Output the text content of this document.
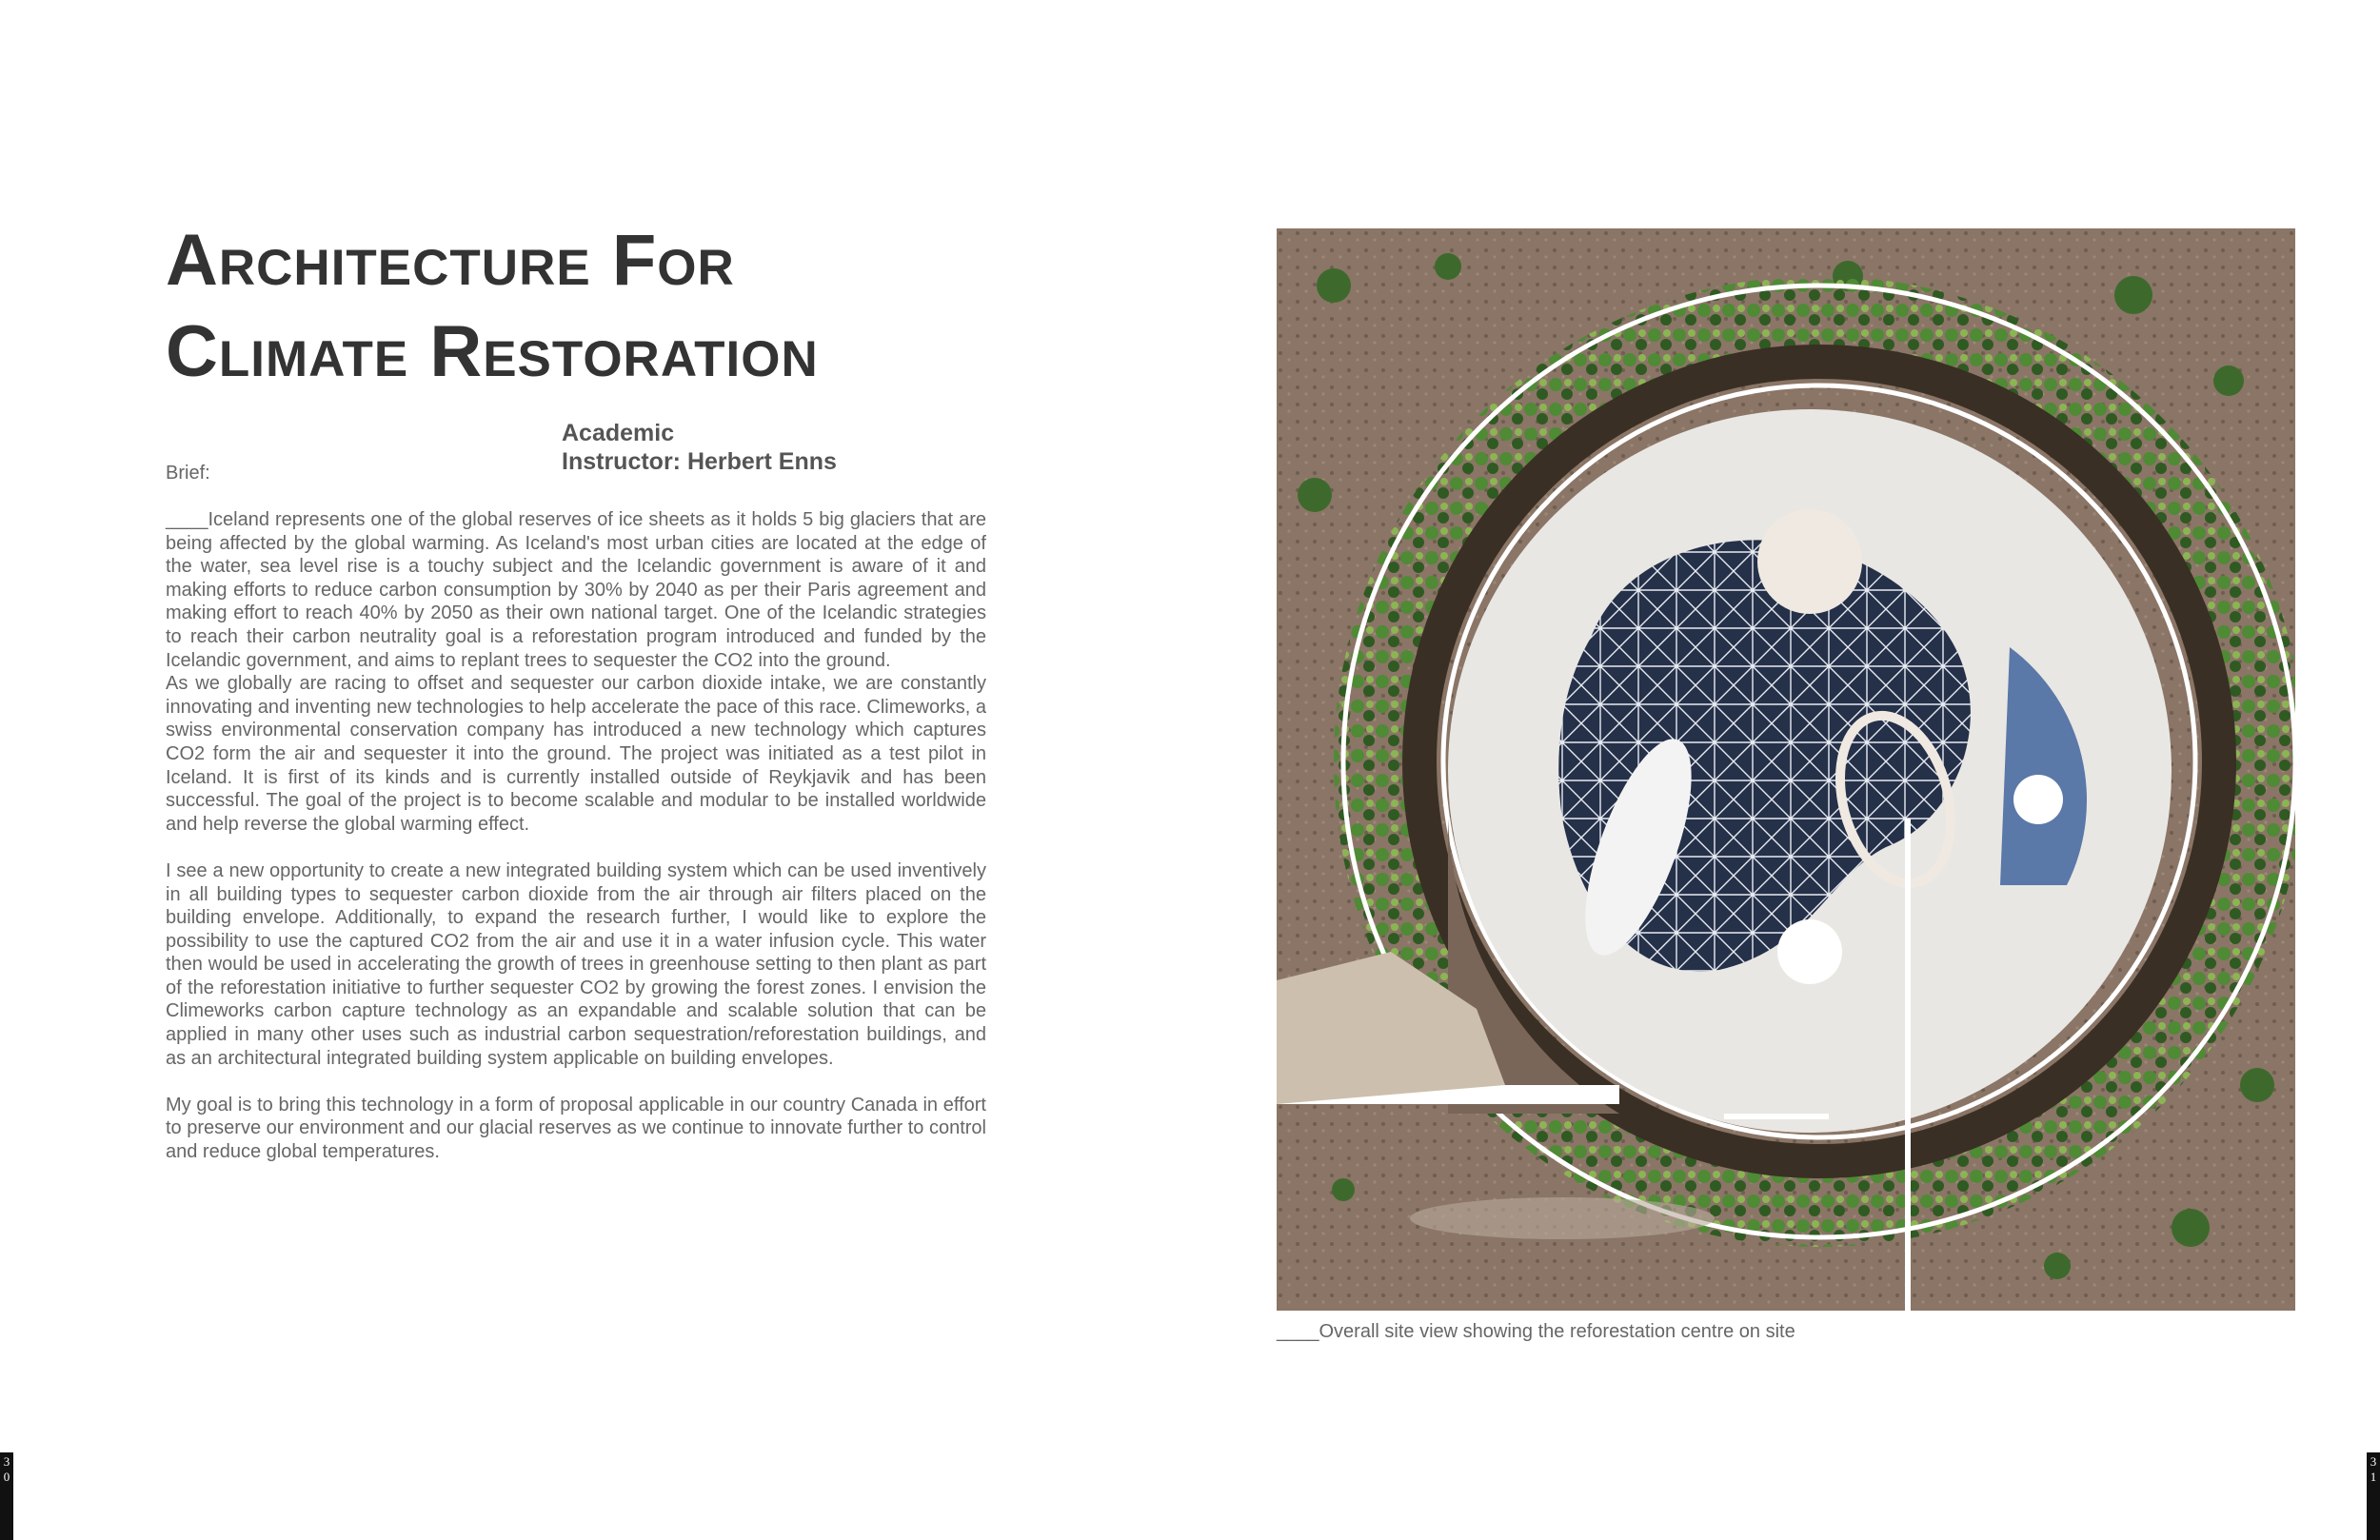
Architecture For
Climate Restoration
Academic
Instructor: Herbert Enns
Brief:

____Iceland represents one of the global reserves of ice sheets as it holds 5 big glaciers that are being affected by the global warming. As Iceland's most urban cities are located at the edge of the water, sea level rise is a touchy subject and the Icelandic government is aware of it and making efforts to reduce carbon consumption by 30% by 2040 as per their Paris agreement and making effort to reach 40% by 2050 as their own national target. One of the Icelandic strategies to reach their carbon neutrality goal is a reforestation program introduced and funded by the Icelandic government, and aims to replant trees to sequester the CO2 into the ground.

As we globally are racing to offset and sequester our carbon dioxide intake, we are constantly innovating and inventing new technologies to help accelerate the pace of this race. Climeworks, a swiss environmental conservation company has introduced a new technology which captures CO2 form the air and sequester it into the ground. The project was initiated as a test pilot in Iceland. It is first of its kinds and is currently installed outside of Reykjavik and has been successful. The goal of the project is to become scalable and modular to be installed worldwide and help reverse the global warming effect.

I see a new opportunity to create a new integrated building system which can be used inventively in all building types to sequester carbon dioxide from the air through air filters placed on the building envelope. Additionally, to expand the research further, I would like to explore the possibility to use the captured CO2 from the air and use it in a water infusion cycle. This water then would be used in accelerating the growth of trees in greenhouse setting to then plant as part of the reforestation initiative to further sequester CO2 by growing the forest zones. I envision the Climeworks carbon capture technology as an expandable and scalable solution that can be applied in many other uses such as industrial carbon sequestration/reforestation buildings, and as an architectural integrated building system applicable on building envelopes.

My goal is to bring this technology in a form of proposal applicable in our country Canada in effort to preserve our environment and our glacial reserves as we continue to innovate further to control and reduce global temperatures.

____Overall site view showing the reforestation centre on site
3
0
3
1
